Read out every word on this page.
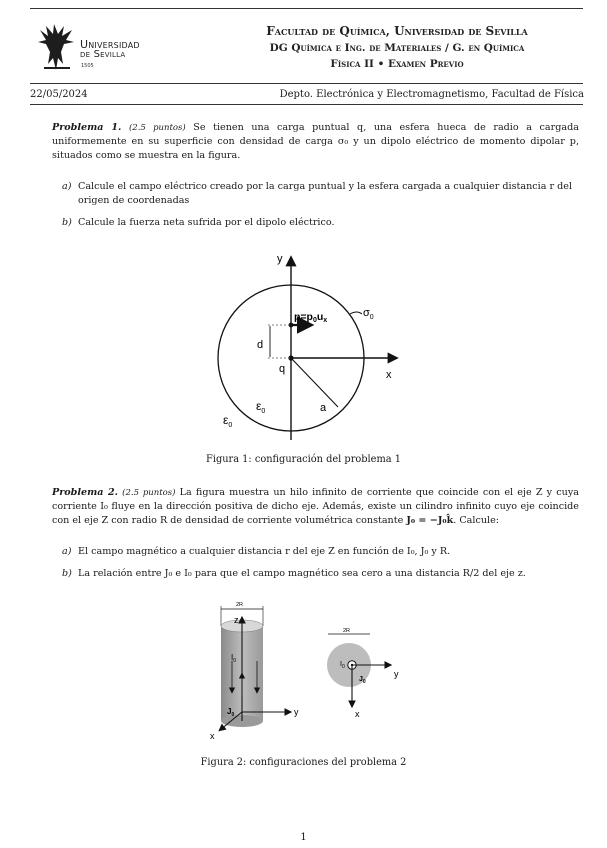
Universidad
de Sevilla
1505
Facultad de Química, Universidad de Sevilla
DG Química e Ing. de Materiales / G. en Química
Física II • Examen Previo
22/05/2024	Depto. Electrónica y Electromagnetismo, Facultad de Física
Problema 1. (2.5 puntos) Se tienen una carga puntual q, una esfera hueca de radio a cargada uniformemente en su superficie con densidad de carga σ₀ y un dipolo eléctrico de momento dipolar p, situados como se muestra en la figura.
a) Calcule el campo eléctrico creado por la carga puntual y la esfera cargada a cualquier distancia r del origen de coordenadas
b) Calcule la fuerza neta sufrida por el dipolo eléctrico.
y
x
p=p0ux
$\sigma_0$
d
q
$\varepsilon_0$
$\varepsilon_0$
a
Figura 1: configuración del problema 1
Problema 2. (2.5 puntos) La figura muestra un hilo infinito de corriente que coincide con el eje Z y cuya corriente I₀ fluye en la dirección positiva de dicho eje. Además, existe un cilindro infinito cuyo eje coincide con el eje Z con radio R de densidad de corriente volumétrica constante J₀ = −J₀k̂. Calcule:
a) El campo magnético a cualquier distancia r del eje Z en función de I₀, J₀ y R.
b) La relación entre J₀ e I₀ para que el campo magnético sea cero a una distancia R/2 del eje z.
2R
z
$I_0$
$J_0$	y
x
2R
y
x
$I_0$
$J_0$
Figura 2: configuraciones del problema 2
1
